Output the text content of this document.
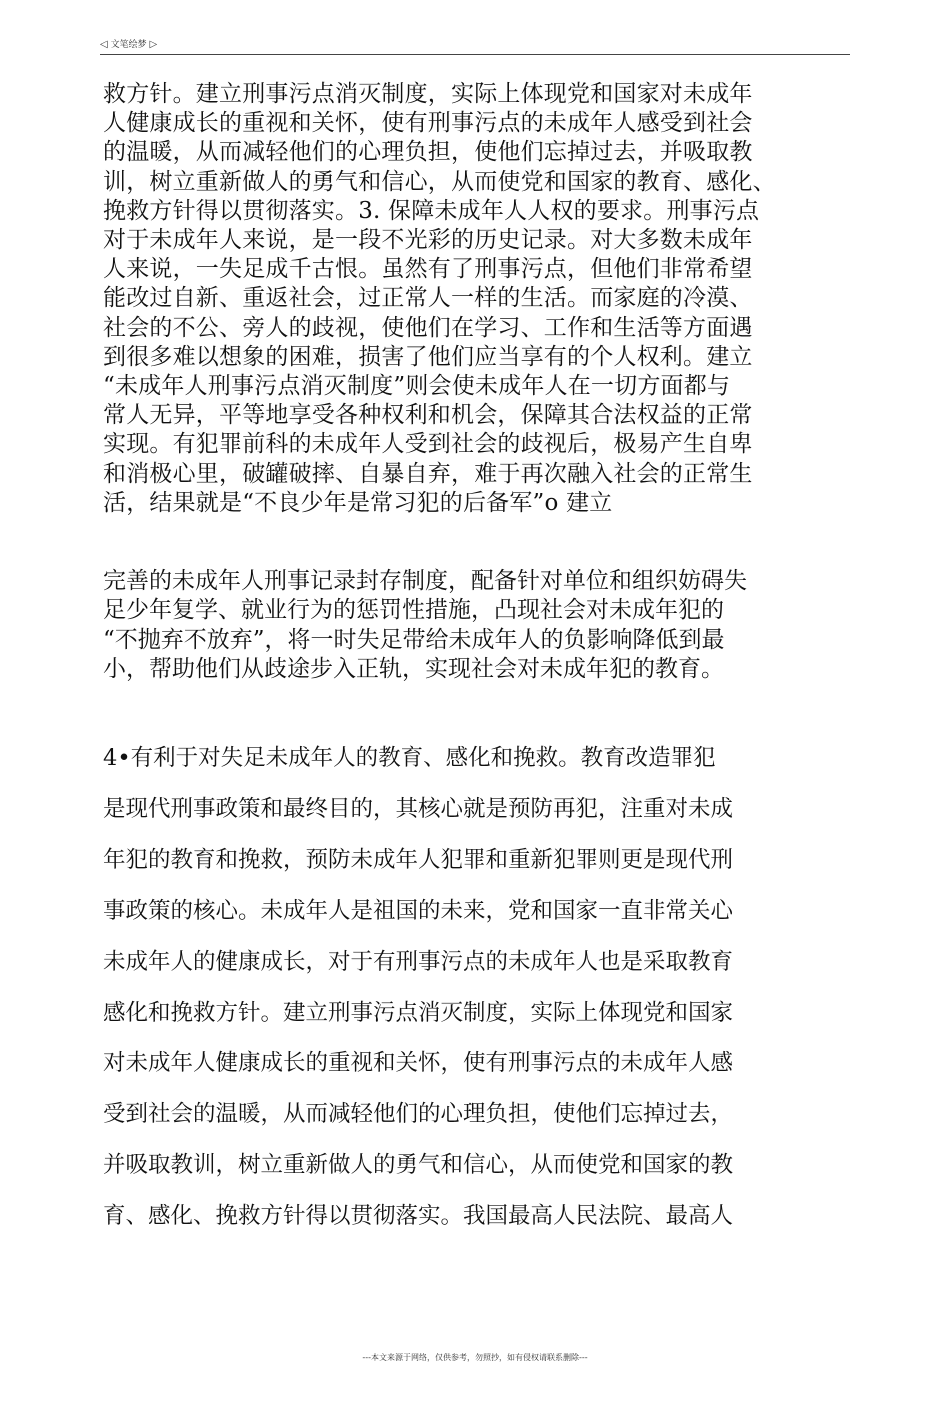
◁ 文笔绘梦 ▷
救方针。建立刑事污点消灭制度，实际上体现党和国家对未成年
人健康成长的重视和关怀，使有刑事污点的未成年人感受到社会
的温暖，从而减轻他们的心理负担，使他们忘掉过去，并吸取教
训，树立重新做人的勇气和信心，从而使党和国家的教育、感化、
挽救方针得以贯彻落实。3. 保障未成年人人权的要求。刑事污点
对于未成年人来说，是一段不光彩的历史记录。对大多数未成年
人来说，一失足成千古恨。虽然有了刑事污点，但他们非常希望
能改过自新、重返社会，过正常人一样的生活。而家庭的冷漠、
社会的不公、旁人的歧视，使他们在学习、工作和生活等方面遇
到很多难以想象的困难，损害了他们应当享有的个人权利。建立
“未成年人刑事污点消灭制度”则会使未成年人在一切方面都与
常人无异，平等地享受各种权利和机会，保障其合法权益的正常
实现。有犯罪前科的未成年人受到社会的歧视后，极易产生自卑
和消极心里，破罐破摔、自暴自弃，难于再次融入社会的正常生
活，结果就是“不良少年是常习犯的后备军”o 建立
完善的未成年人刑事记录封存制度，配备针对单位和组织妨碍失
足少年复学、就业行为的惩罚性措施，凸现社会对未成年犯的
“不抛弃不放弃”，将一时失足带给未成年人的负影响降低到最
小，帮助他们从歧途步入正轨，实现社会对未成年犯的教育。
4•有利于对失足未成年人的教育、感化和挽救。教育改造罪犯
是现代刑事政策和最终目的，其核心就是预防再犯，注重对未成
年犯的教育和挽救，预防未成年人犯罪和重新犯罪则更是现代刑
事政策的核心。未成年人是祖国的未来，党和国家一直非常关心
未成年人的健康成长，对于有刑事污点的未成年人也是采取教育
感化和挽救方针。建立刑事污点消灭制度，实际上体现党和国家
对未成年人健康成长的重视和关怀，使有刑事污点的未成年人感
受到社会的温暖，从而减轻他们的心理负担，使他们忘掉过去，
并吸取教训，树立重新做人的勇气和信心，从而使党和国家的教
育、感化、挽救方针得以贯彻落实。我国最高人民法院、最高人
---本文来源于网络，仅供参考，勿照抄，如有侵权请联系删除---
